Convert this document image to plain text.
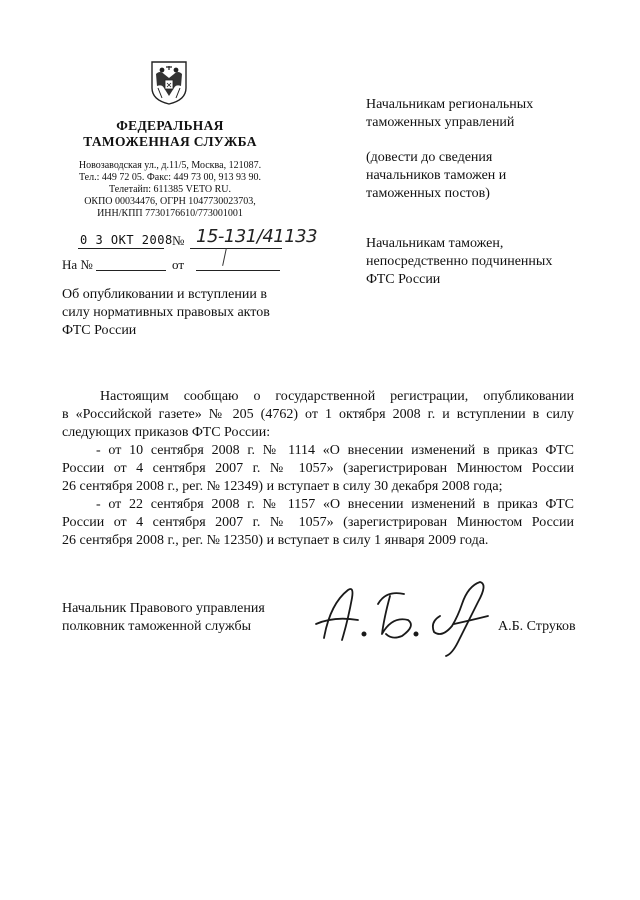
ФЕДЕРАЛЬНАЯ
ТАМОЖЕННАЯ СЛУЖБА
Новозаводская ул., д.11/5, Москва, 121087.
Тел.: 449 72 05. Факс: 449 73 00, 913 93 90.
Телетайп: 611385 VETO RU.
ОКПО 00034476, ОГРН 1047730023703,
ИНН/КПП 7730176610/773001001
0 3 ОКТ 2008 № 15-131/41133
На №	от
Об опубликовании и вступлении в
силу нормативных правовых актов
ФТС России
Начальникам региональных
таможенных управлений
(довести до сведения
начальников таможен и
таможенных постов)
Начальникам таможен,
непосредственно подчиненных
ФТС России
Настоящим сообщаю о государственной регистрации, опубликовании
в «Российской газете» № 205 (4762) от 1 октября 2008 г. и вступлении в силу
следующих приказов ФТС России:
- от 10 сентября 2008 г. № 1114 «О внесении изменений в приказ ФТС
России от 4 сентября 2007 г. № 1057» (зарегистрирован Минюстом России
26 сентября 2008 г., рег. № 12349) и вступает в силу 30 декабря 2008 года;
- от 22 сентября 2008 г. № 1157 «О внесении изменений в приказ ФТС
России от 4 сентября 2007 г. № 1057» (зарегистрирован Минюстом России
26 сентября 2008 г., рег. № 12350) и вступает в силу 1 января 2009 года.
Начальник Правового управления
полковник таможенной службы	А.Б. Струков
